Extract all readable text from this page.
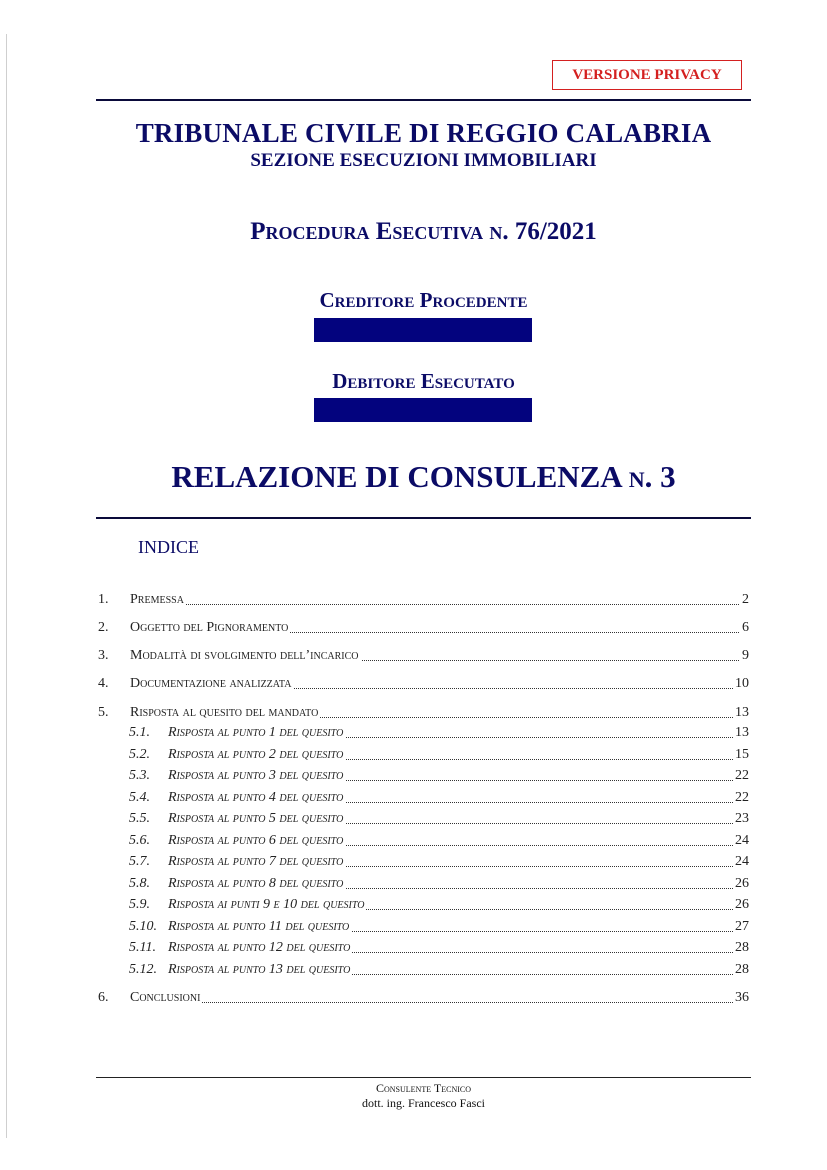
VERSIONE PRIVACY
TRIBUNALE CIVILE DI REGGIO CALABRIA
SEZIONE ESECUZIONI IMMOBILIARI
Procedura Esecutiva n. 76/2021
Creditore Procedente
Debitore Esecutato
RELAZIONE DI CONSULENZA n. 3
INDICE
1. Premessa	2
2. Oggetto del Pignoramento	6
3. Modalità di svolgimento dell’incarico	9
4. Documentazione analizzata	10
5. Risposta al quesito del mandato	13
5.1. Risposta al punto 1 del quesito	13
5.2. Risposta al punto 2 del quesito	15
5.3. Risposta al punto 3 del quesito	22
5.4. Risposta al punto 4 del quesito	22
5.5. Risposta al punto 5 del quesito	23
5.6. Risposta al punto 6 del quesito	24
5.7. Risposta al punto 7 del quesito	24
5.8. Risposta al punto 8 del quesito	26
5.9. Risposta ai punti 9 e 10 del quesito	26
5.10. Risposta al punto 11 del quesito	27
5.11. Risposta al punto 12 del quesito	28
5.12. Risposta al punto 13 del quesito	28
6. Conclusioni	36
Consulente Tecnico
dott. ing. Francesco Fasci
